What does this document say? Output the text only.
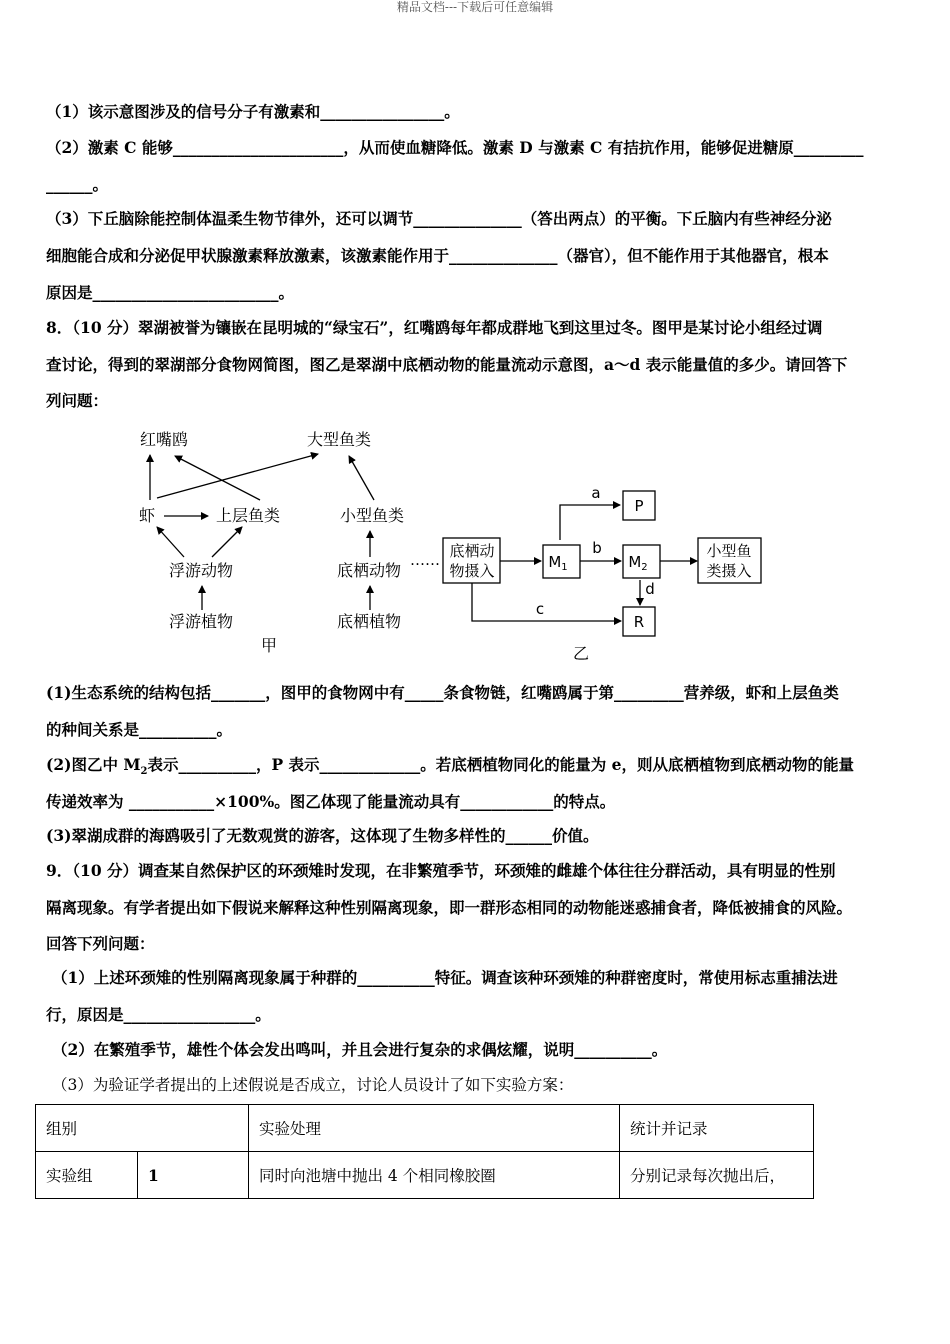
精品文档---下载后可任意编辑
（1）该示意图涉及的信号分子有激素和________________。
（2）激素 C 能够______________________，从而使血糖降低。激素 D 与激素 C 有拮抗作用，能够促进糖原_________
______。
（3）下丘脑除能控制体温柔生物节律外，还可以调节______________（答出两点）的平衡。下丘脑内有些神经分泌
细胞能合成和分泌促甲状腺激素释放激素，该激素能作用于______________（器官），但不能作用于其他器官，根本
原因是________________________。
8．（10 分）翠湖被誉为镶嵌在昆明城的“绿宝石”，红嘴鸥每年都成群地飞到这里过冬。图甲是某讨论小组经过调
查讨论，得到的翠湖部分食物网简图，图乙是翠湖中底栖动物的能量流动示意图，a～d 表示能量值的多少。请回答下
列问题：
红嘴鸥	大型鱼类
虾	上层鱼类	小型鱼类
浮游动物	底栖动物
浮游植物	底栖植物
甲	乙
…… 底栖动
物摄入	$M_1$	$M_2$
P
R
小型鱼
类摄入
a
b
c
d
(1)生态系统的结构包括_______，图甲的食物网中有_____条食物链，红嘴鸥属于第_________营养级，虾和上层鱼类
的种间关系是__________。
(2)图乙中 $M_2$表示__________，P 表示_____________。若底栖植物同化的能量为 e，则从底栖植物到底栖动物的能量
传递效率为 ___________×100%。图乙体现了能量流动具有____________的特点。
(3)翠湖成群的海鸥吸引了无数观赏的游客，这体现了生物多样性的______价值。
9．（10 分）调查某自然保护区的环颈雉时发现，在非繁殖季节，环颈雉的雌雄个体往往分群活动，具有明显的性别
隔离现象。有学者提出如下假说来解释这种性别隔离现象，即一群形态相同的动物能迷惑捕食者，降低被捕食的风险。
回答下列问题：
（1）上述环颈雉的性别隔离现象属于种群的__________特征。调查该种环颈雉的种群密度时，常使用标志重捕法进
行，原因是_________________。
（2）在繁殖季节，雄性个体会发出鸣叫，并且会进行复杂的求偶炫耀，说明__________。
（3）为验证学者提出的上述假说是否成立，讨论人员设计了如下实验方案：
组别		实验处理	统计并记录
实验组	1	同时向池塘中抛出 4 个相同橡胶圈	分别记录每次抛出后，
